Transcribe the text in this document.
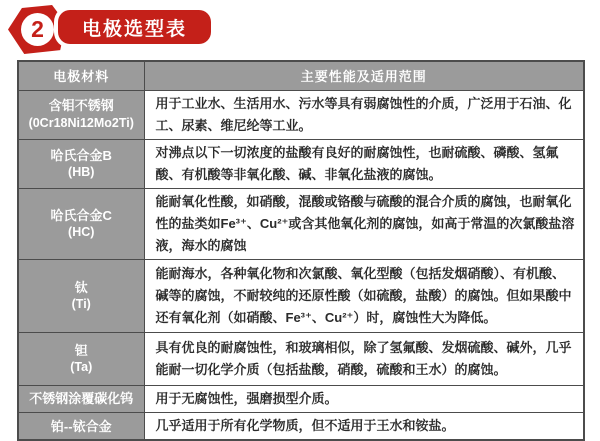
2 电极选型表
电极材料	主要性能及适用范围

含钼不锈钢
(0Cr18Ni12Mo2Ti)	用于工业水、生活用水、污水等具有弱腐蚀性的介质，广泛用于石油、化工、尿素、维尼纶等工业。

哈氏合金B
(HB)	对沸点以下一切浓度的盐酸有良好的耐腐蚀性，也耐硫酸、磷酸、氢氟酸、有机酸等非氧化酸、碱、非氧化盐液的腐蚀。

哈氏合金C
(HC)	能耐氧化性酸，如硝酸，混酸或铬酸与硫酸的混合介质的腐蚀，也耐氧化性的盐类如Fe³⁺、Cu²⁺或含其他氧化剂的腐蚀，如高于常温的次氯酸盐溶液，海水的腐蚀

钛
(Ti)	能耐海水，各种氧化物和次氯酸、氧化型酸（包括发烟硝酸）、有机酸、碱等的腐蚀，不耐较纯的还原性酸（如硫酸，盐酸）的腐蚀。但如果酸中还有氧化剂（如硝酸、Fe³⁺、Cu²⁺）时，腐蚀性大为降低。

钽
(Ta)	具有优良的耐腐蚀性，和玻璃相似，除了氢氟酸、发烟硫酸、碱外，几乎能耐一切化学介质（包括盐酸，硝酸，硫酸和王水）的腐蚀。

不锈钢涂覆碳化钨	用于无腐蚀性，强磨损型介质。

铂--铱合金	几乎适用于所有化学物质，但不适用于王水和铵盐。
